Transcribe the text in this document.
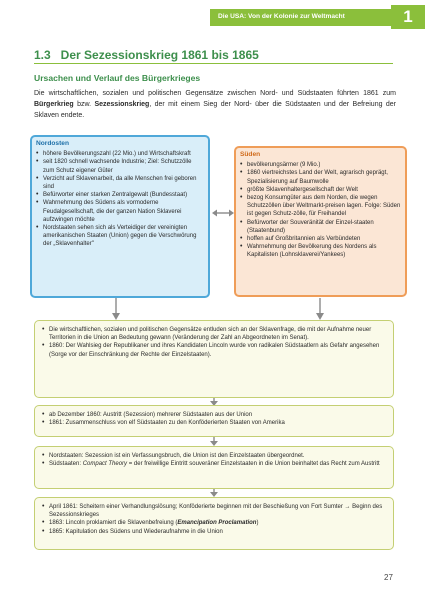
Die USA: Von der Kolonie zur Weltmacht	1
1.3   Der Sezessionskrieg 1861 bis 1865
Ursachen und Verlauf des Bürgerkrieges

Die wirtschaftlichen, sozialen und politischen Gegensätze zwischen Nord- und Südstaaten führten 1861 zum Bürgerkrieg bzw. Sezessionskrieg, der mit einem Sieg der Nord- über die Südstaaten und der Befreiung der Sklaven endete.

Nordosten
• höhere Bevölkerungszahl (22 Mio.) und Wirtschaftskraft
• seit 1820 schnell wachsende Industrie; Ziel: Schutzzölle zum Schutz eigener Güter
• Verzicht auf Sklavenarbeit, da alle Menschen frei geboren sind
• Befürworter einer starken Zentralgewalt (Bundesstaat)
• Wahrnehmung des Südens als vormoderne Feudalgesellschaft, die der ganzen Nation Sklaverei aufzwingen möchte
• Nordstaaten sehen sich als Verteidiger der vereinigten amerikanischen Staaten (Union) gegen die Verschwörung der „Sklavenhalter"
Süden
• bevölkerungsärmer (9 Mio.)
• 1860 viertreichstes Land der Welt, agrarisch geprägt, Spezialisierung auf Baumwolle
• größte Sklavenhaltergesellschaft der Welt
• bezog Konsumgüter aus dem Norden, die wegen Schutzzöllen über Weltmarkt-preisen lagen. Folge: Süden ist gegen Schutz-zölle, für Freihandel
• Befürworter der Souveränität der Einzel-staaten (Staatenbund)
• hoffen auf Großbritannien als Verbündeten
• Wahrnehmung der Bevölkerung des Nordens als Kapitalisten (Lohnsklaverei/Yankees)
• Die wirtschaftlichen, sozialen und politischen Gegensätze entluden sich an der Sklavenfrage, die mit der Aufnahme neuer Territorien in die Union an Bedeutung gewann (Veränderung der Zahl an Abgeordneten im Senat).
• 1860: Der Wahlsieg der Republikaner und ihres Kandidaten Lincoln wurde von radikalen Südstaatlern als Gefahr angesehen (Sorge vor der Einschränkung der Rechte der Einzelstaaten).
• ab Dezember 1860: Austritt (Sezession) mehrerer Südstaaten aus der Union
• 1861: Zusammenschluss von elf Südstaaten zu den Konföderierten Staaten von Amerika
• Nordstaaten: Sezession ist ein Verfassungsbruch, die Union ist den Einzelstaaten übergeordnet.
• Südstaaten: Compact Theory = der freiwillige Eintritt souveräner Einzelstaaten in die Union beinhaltet das Recht zum Austritt
• April 1861: Scheitern einer Verhandlungslösung; Konföderierte beginnen mit der Beschießung von Fort Sumter → Beginn des Sezessionskrieges
• 1863: Lincoln proklamiert die Sklavenbefreiung (Emancipation Proclamation)
• 1865: Kapitulation des Südens und Wiederaufnahme in die Union
27
